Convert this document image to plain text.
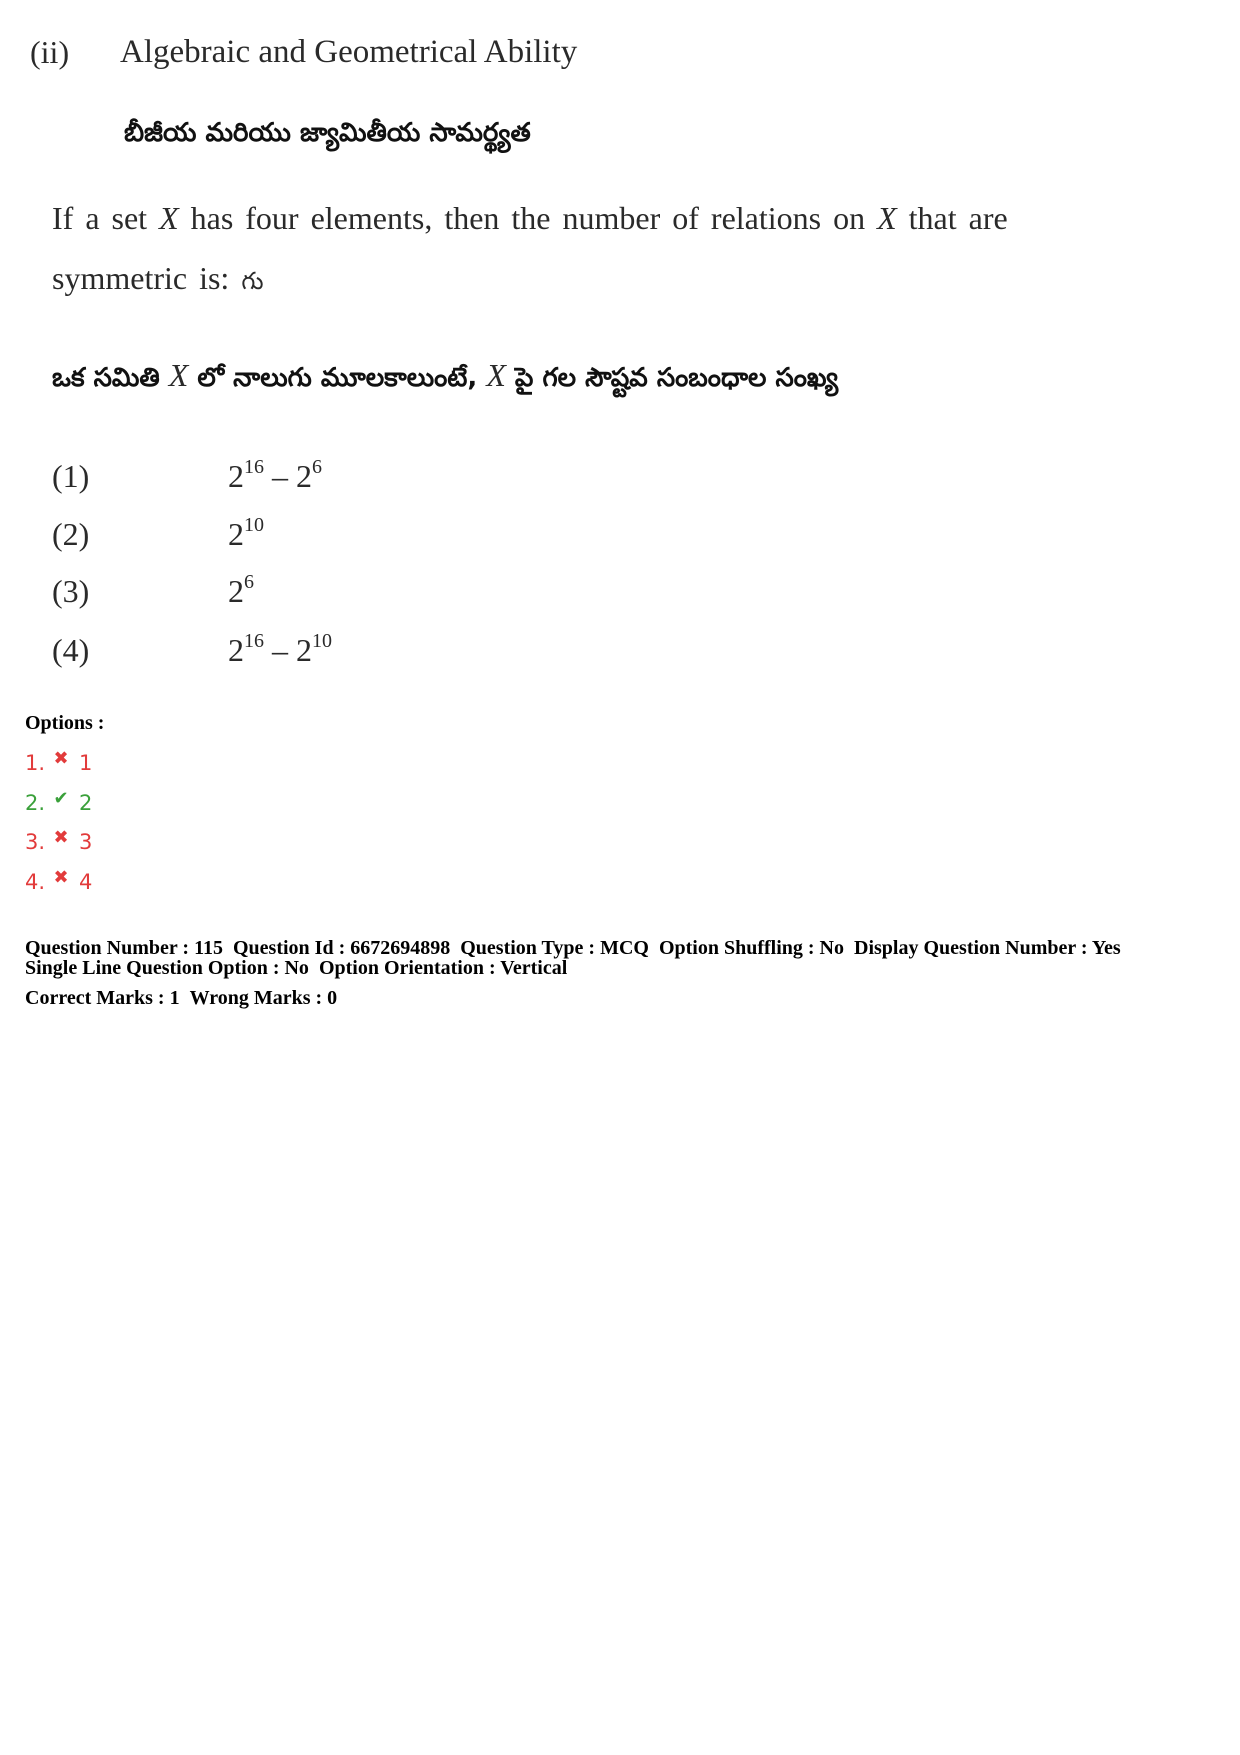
(ii) Algebraic and Geometrical Ability
బీజీయ మరియు జ్యామితీయ సామర్థ్యత
If a set X has four elements, then the number of relations on X that are symmetric is: గు
ఒక సమితి X లో నాలుగు మూలకాలుంటే, X పై గల సౌష్టవ సంబంధాల సంఖ్య
(1)	$2^{16} - 2^6$
(2)	$2^{10}$
(3)	$2^6$
(4)	$2^{16} - 2^{10}$
Options :
1. ✖ 1
2. ✔ 2
3. ✖ 3
4. ✖ 4
Question Number : 115 Question Id : 6672694898 Question Type : MCQ Option Shuffling : No Display Question Number : Yes
Single Line Question Option : No Option Orientation : Vertical
Correct Marks : 1 Wrong Marks : 0
